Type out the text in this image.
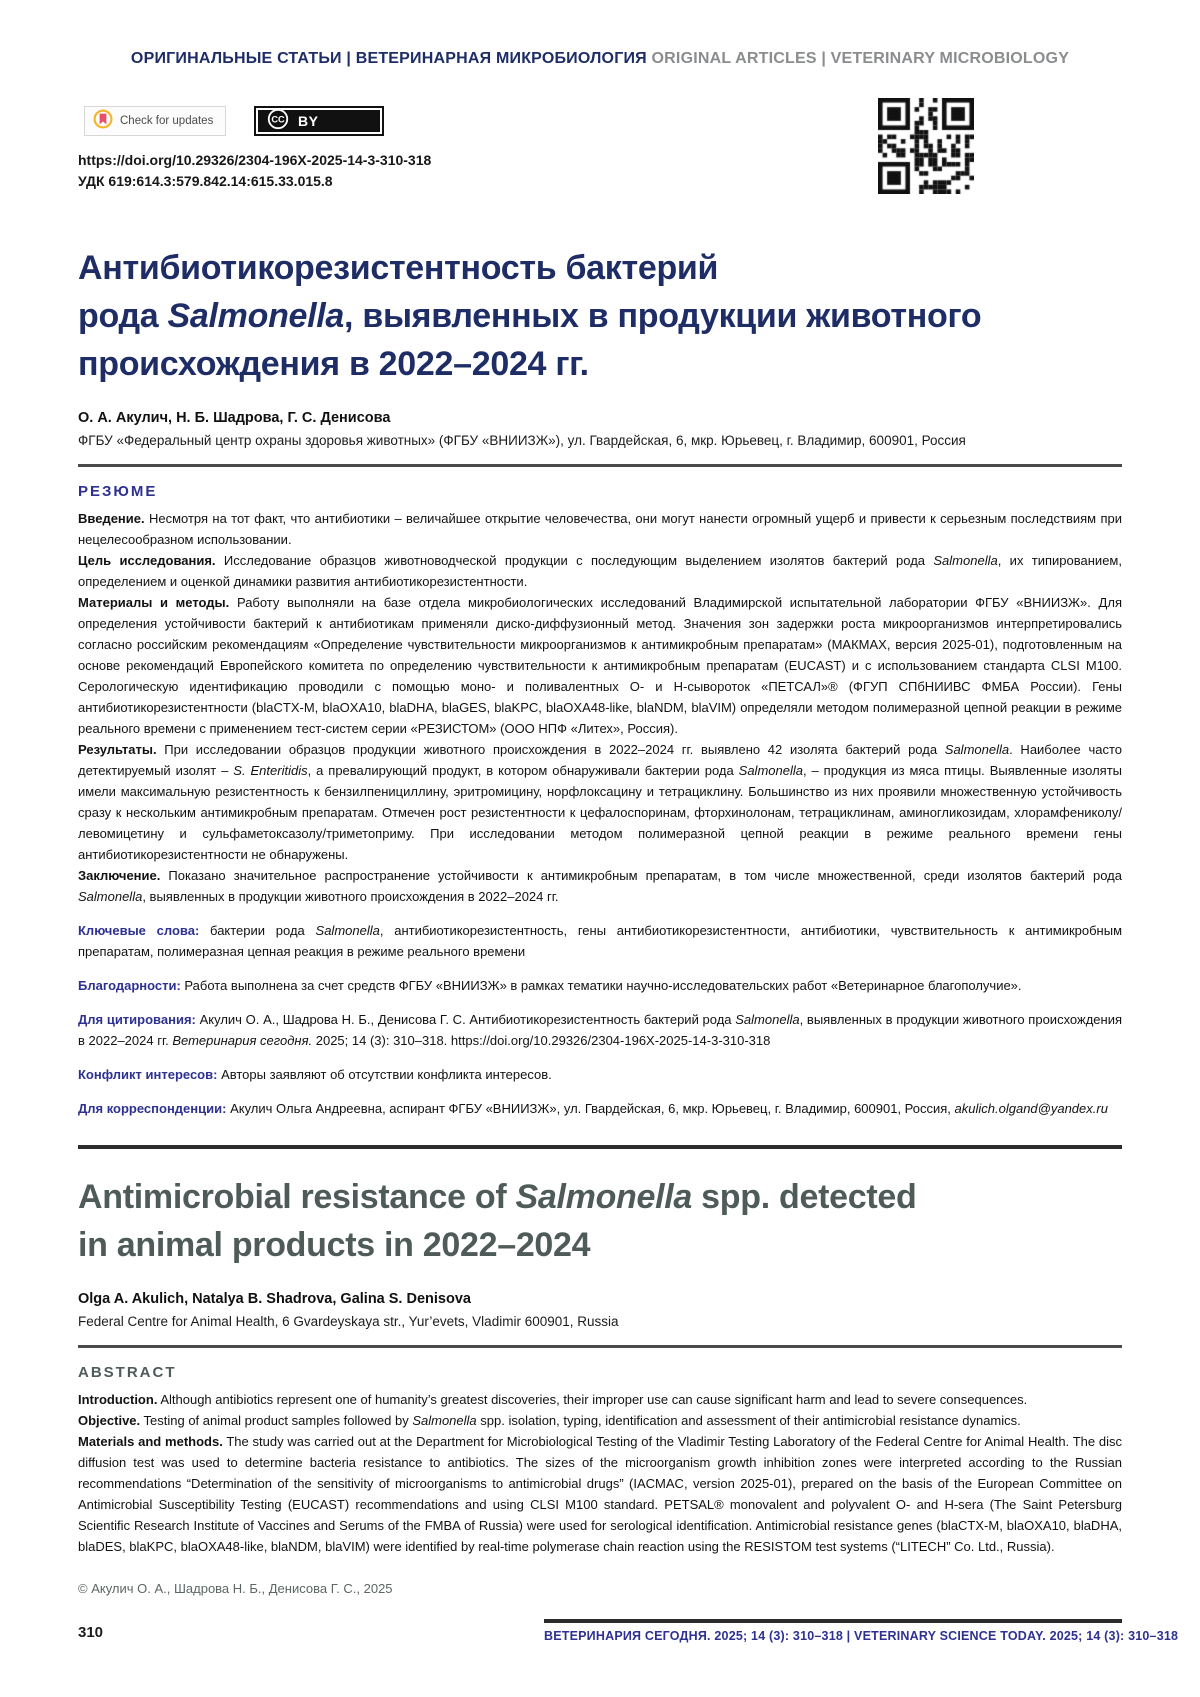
ОРИГИНАЛЬНЫЕ СТАТЬИ | ВЕТЕРИНАРНАЯ МИКРОБИОЛОГИЯ ORIGINAL ARTICLES | VETERINARY MICROBIOLOGY
Check for updates	CC BY
https://doi.org/10.29326/2304-196X-2025-14-3-310-318
УДК 619:614.3:579.842.14:615.33.015.8
Антибиотикорезистентность бактерий
рода Salmonella, выявленных в продукции животного
происхождения в 2022–2024 гг.
О. А. Акулич, Н. Б. Шадрова, Г. С. Денисова
ФГБУ «Федеральный центр охраны здоровья животных» (ФГБУ «ВНИИЗЖ»), ул. Гвардейская, 6, мкр. Юрьевец, г. Владимир, 600901, Россия
РЕЗЮМЕ

Введение. Несмотря на тот факт, что антибиотики – величайшее открытие человечества, они могут нанести огромный ущерб и привести к серьезным последствиям при нецелесообразном использовании.

Цель исследования. Исследование образцов животноводческой продукции с последующим выделением изолятов бактерий рода Salmonella, их типированием, определением и оценкой динамики развития антибиотикорезистентности.

Материалы и методы. Работу выполняли на базе отдела микробиологических исследований Владимирской испытательной лаборатории ФГБУ «ВНИИЗЖ». Для определения устойчивости бактерий к антибиотикам применяли диско-диффузионный метод. Значения зон задержки роста микроорганизмов интерпретировались согласно российским рекомендациям «Определение чувствительности микроорганизмов к антимикробным препаратам» (МАКМАХ, версия 2025-01), подготовленным на основе рекомендаций Европейского комитета по определению чувствительности к антимикробным препаратам (EUCAST) и с использованием стандарта CLSI M100. Серологическую идентификацию проводили с помощью моно- и поливалентных О- и Н-сывороток «ПЕТСАЛ»® (ФГУП СПбНИИВС ФМБА России). Гены антибиотикорезистентности (blaCTX-M, blaOXA10, blaDHA, blaGES, blaKPC, blaOXA48-like, blaNDM, blaVIM) определяли методом полимеразной цепной реакции в режиме реального времени с применением тест-систем серии «РЕЗИСТОМ» (ООО НПФ «Литех», Россия).

Результаты. При исследовании образцов продукции животного происхождения в 2022–2024 гг. выявлено 42 изолята бактерий рода Salmonella. Наиболее часто детектируемый изолят – S. Enteritidis, а превалирующий продукт, в котором обнаруживали бактерии рода Salmonella, – продукция из мяса птицы. Выявленные изоляты имели максимальную резистентность к бензилпенициллину, эритромицину, норфлоксацину и тетрациклину. Большинство из них проявили множественную устойчивость сразу к нескольким антимикробным препаратам. Отмечен рост резистентности к цефалоспоринам, фторхинолонам, тетрациклинам, аминогликозидам, хлорамфениколу/левомицетину и сульфаметоксазолу/триметоприму. При исследовании методом полимеразной цепной реакции в режиме реального времени гены антибиотикорезистентности не обнаружены.

Заключение. Показано значительное распространение устойчивости к антимикробным препаратам, в том числе множественной, среди изолятов бактерий рода Salmonella, выявленных в продукции животного происхождения в 2022–2024 гг.

Ключевые слова: бактерии рода Salmonella, антибиотикорезистентность, гены антибиотикорезистентности, антибиотики, чувствительность к антимикробным препаратам, полимеразная цепная реакция в режиме реального времени

Благодарности: Работа выполнена за счет средств ФГБУ «ВНИИЗЖ» в рамках тематики научно-исследовательских работ «Ветеринарное благополучие».

Для цитирования: Акулич О. А., Шадрова Н. Б., Денисова Г. С. Антибиотикорезистентность бактерий рода Salmonella, выявленных в продукции животного происхождения в 2022–2024 гг. Ветеринария сегодня. 2025; 14 (3): 310–318. https://doi.org/10.29326/2304-196X-2025-14-3-310-318

Конфликт интересов: Авторы заявляют об отсутствии конфликта интересов.

Для корреспонденции: Акулич Ольга Андреевна, аспирант ФГБУ «ВНИИЗЖ», ул. Гвардейская, 6, мкр. Юрьевец, г. Владимир, 600901, Россия, akulich.olgand@yandex.ru

Antimicrobial resistance of Salmonella spp. detected
in animal products in 2022–2024
Olga A. Akulich, Natalya B. Shadrova, Galina S. Denisova
Federal Centre for Animal Health, 6 Gvardeyskaya str., Yur’evets, Vladimir 600901, Russia
ABSTRACT

Introduction. Although antibiotics represent one of humanity’s greatest discoveries, their improper use can cause significant harm and lead to severe consequences.

Objective. Testing of animal product samples followed by Salmonella spp. isolation, typing, identification and assessment of their antimicrobial resistance dynamics.

Materials and methods. The study was carried out at the Department for Microbiological Testing of the Vladimir Testing Laboratory of the Federal Centre for Animal Health. The disc diffusion test was used to determine bacteria resistance to antibiotics. The sizes of the microorganism growth inhibition zones were interpreted according to the Russian recommendations “Determination of the sensitivity of microorganisms to antimicrobial drugs” (IACMAC, version 2025-01), prepared on the basis of the European Committee on Antimicrobial Susceptibility Testing (EUCAST) recommendations and using CLSI M100 standard. PETSAL® monovalent and polyvalent O- and H-sera (The Saint Petersburg Scientific Research Institute of Vaccines and Serums of the FMBA of Russia) were used for serological identification. Antimicrobial resistance genes (blaCTX-M, blaOXA10, blaDHA, blaDES, blaKPC, blaOXA48-like, blaNDM, blaVIM) were identified by real-time polymerase chain reaction using the RESISTOM test systems (“LITECH” Co. Ltd., Russia).

© Акулич О. А., Шадрова Н. Б., Денисова Г. С., 2025
310	ВЕТЕРИНАРИЯ СЕГОДНЯ. 2025; 14 (3): 310–318 | VETERINARY SCIENCE TODAY. 2025; 14 (3): 310–318
